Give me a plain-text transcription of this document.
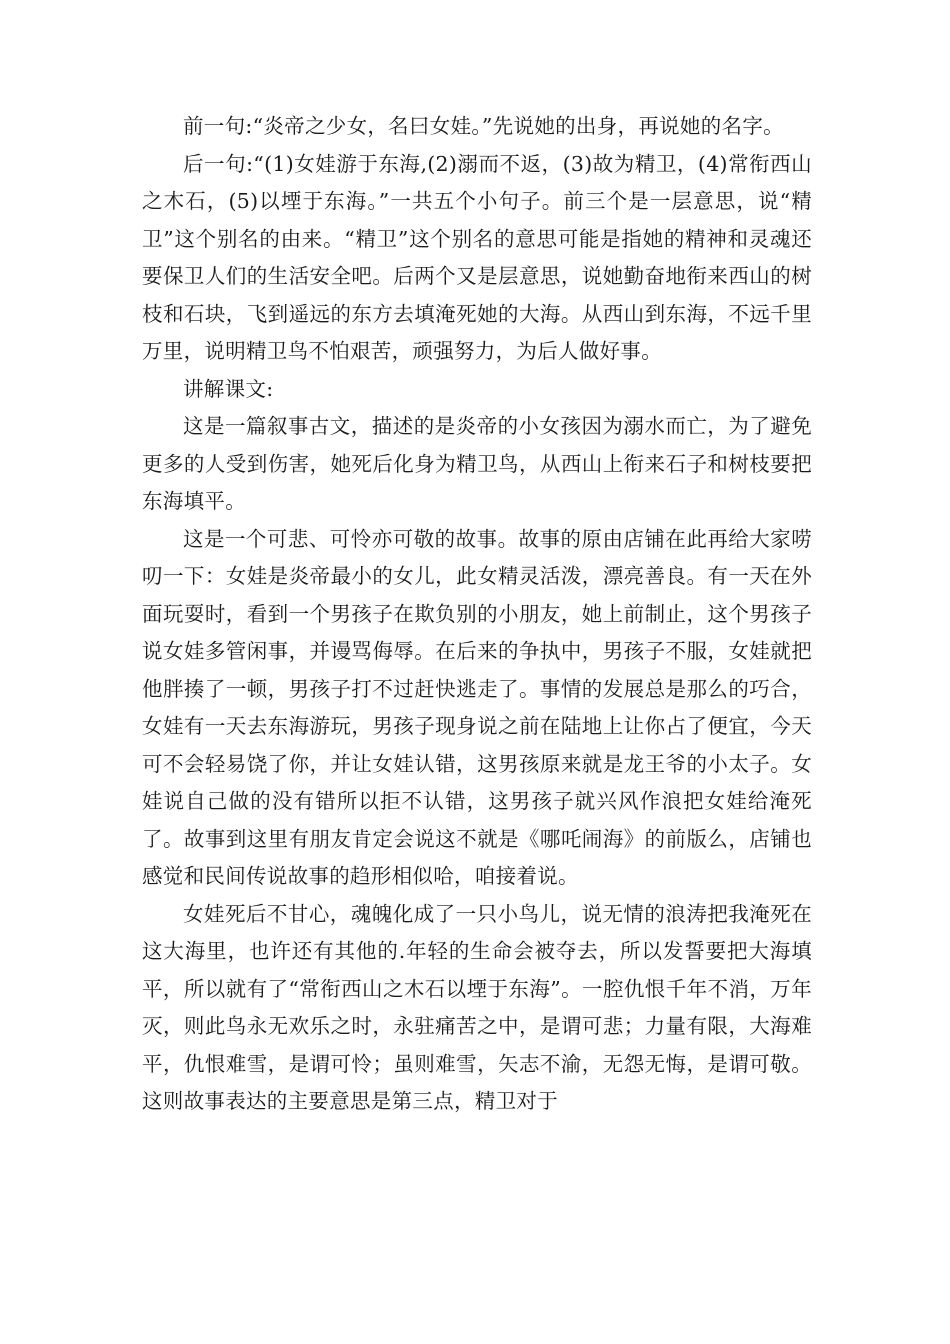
前一句:“炎帝之少女，名曰女娃。”先说她的出身，再说她的名字。

后一句:“(1)女娃游于东海,(2)溺而不返，(3)故为精卫，(4)常衔西山之木石，(5)以堙于东海。”一共五个小句子。前三个是一层意思，说“精卫”这个别名的由来。“精卫”这个别名的意思可能是指她的精神和灵魂还要保卫人们的生活安全吧。后两个又是层意思，说她勤奋地衔来西山的树枝和石块，飞到遥远的东方去填淹死她的大海。从西山到东海，不远千里万里，说明精卫鸟不怕艰苦，顽强努力，为后人做好事。

讲解课文:

这是一篇叙事古文，描述的是炎帝的小女孩因为溺水而亡，为了避免更多的人受到伤害，她死后化身为精卫鸟，从西山上衔来石子和树枝要把东海填平。

这是一个可悲、可怜亦可敬的故事。故事的原由店铺在此再给大家唠叨一下：女娃是炎帝最小的女儿，此女精灵活泼，漂亮善良。有一天在外面玩耍时，看到一个男孩子在欺负别的小朋友，她上前制止，这个男孩子说女娃多管闲事，并谩骂侮辱。在后来的争执中，男孩子不服，女娃就把他胖揍了一顿，男孩子打不过赶快逃走了。事情的发展总是那么的巧合，女娃有一天去东海游玩，男孩子现身说之前在陆地上让你占了便宜，今天可不会轻易饶了你，并让女娃认错，这男孩原来就是龙王爷的小太子。女娃说自己做的没有错所以拒不认错，这男孩子就兴风作浪把女娃给淹死了。故事到这里有朋友肯定会说这不就是《哪吒闹海》的前版么，店铺也感觉和民间传说故事的趋形相似哈，咱接着说。

女娃死后不甘心，魂魄化成了一只小鸟儿，说无情的浪涛把我淹死在这大海里，也许还有其他的.年轻的生命会被夺去，所以发誓要把大海填平，所以就有了“常衔西山之木石以堙于东海”。一腔仇恨千年不消，万年灭，则此鸟永无欢乐之时，永驻痛苦之中，是谓可悲；力量有限，大海难平，仇恨难雪，是谓可怜；虽则难雪，矢志不渝，无怨无悔，是谓可敬。这则故事表达的主要意思是第三点，精卫对于
